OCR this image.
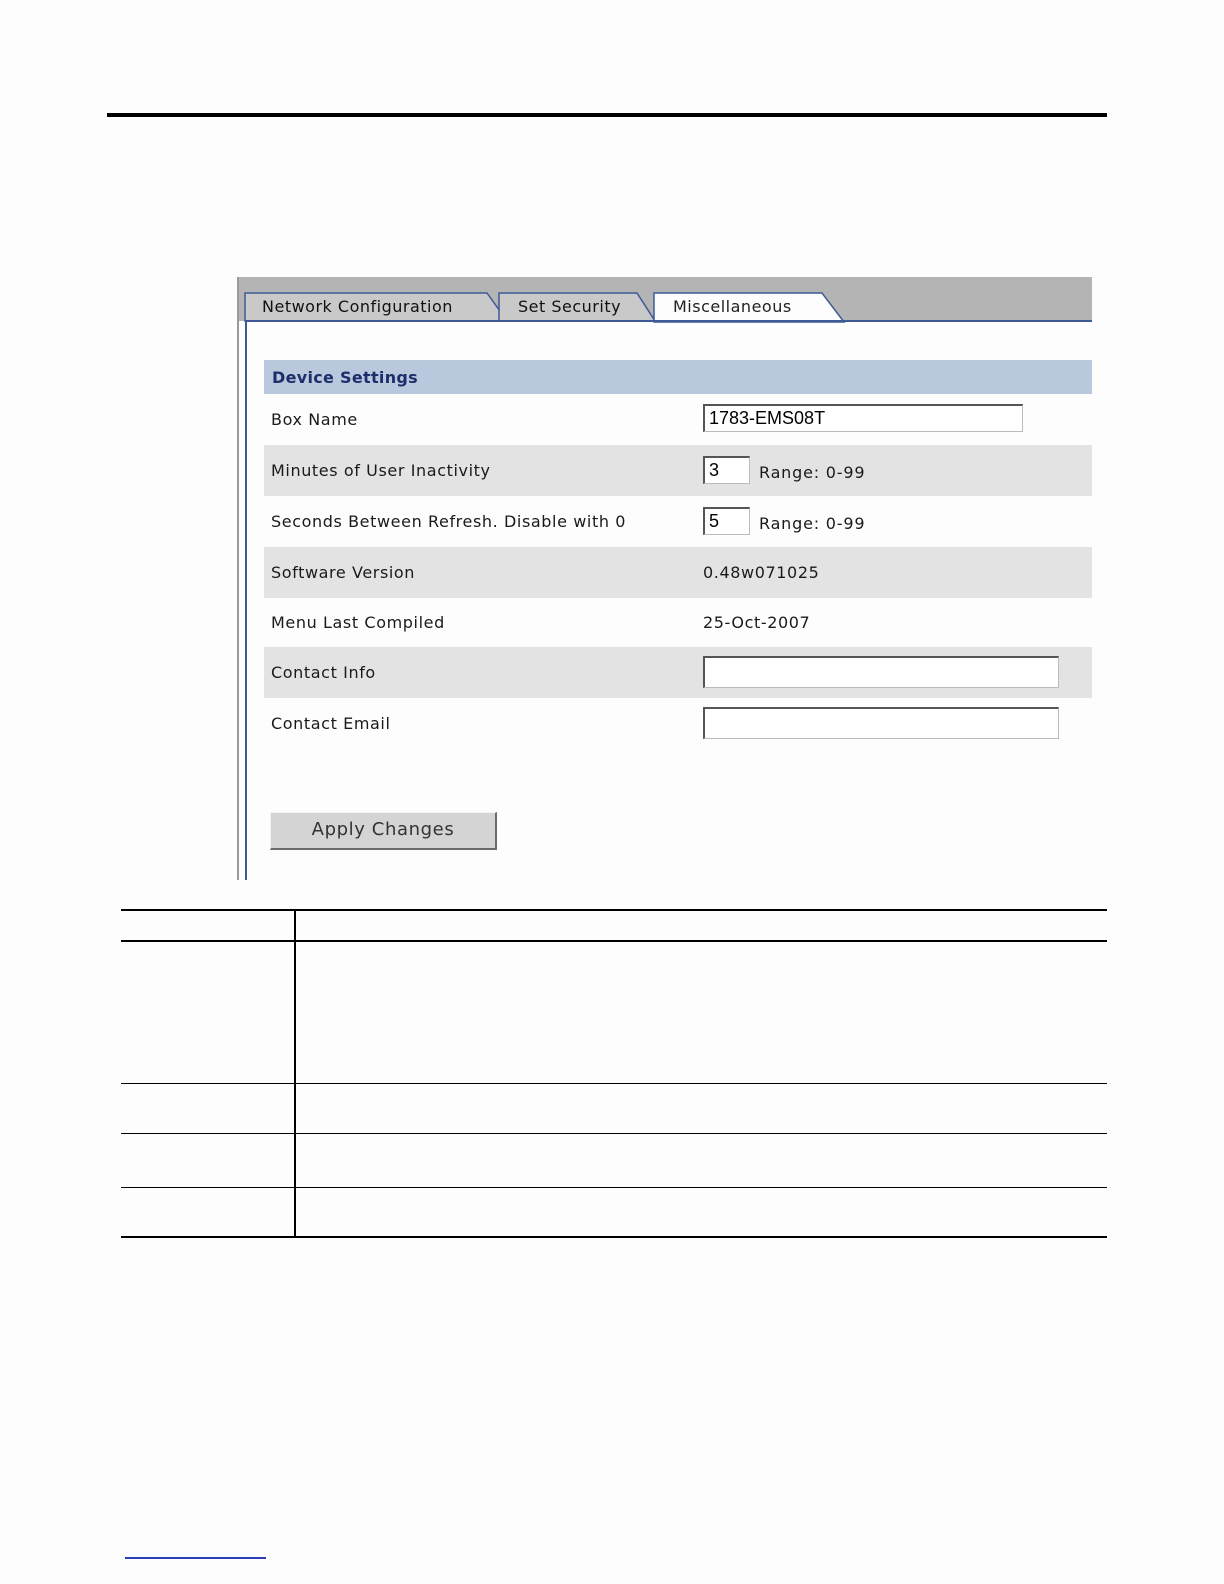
Network Configuration	Set Security	Miscellaneous
Device Settings
Box Name	1783-EMS08T
Minutes of User Inactivity	3	Range: 0-99
Seconds Between Refresh. Disable with 0	5	Range: 0-99
Software Version	0.48w071025
Menu Last Compiled	25-Oct-2007
Contact Info
Contact Email
Apply Changes
